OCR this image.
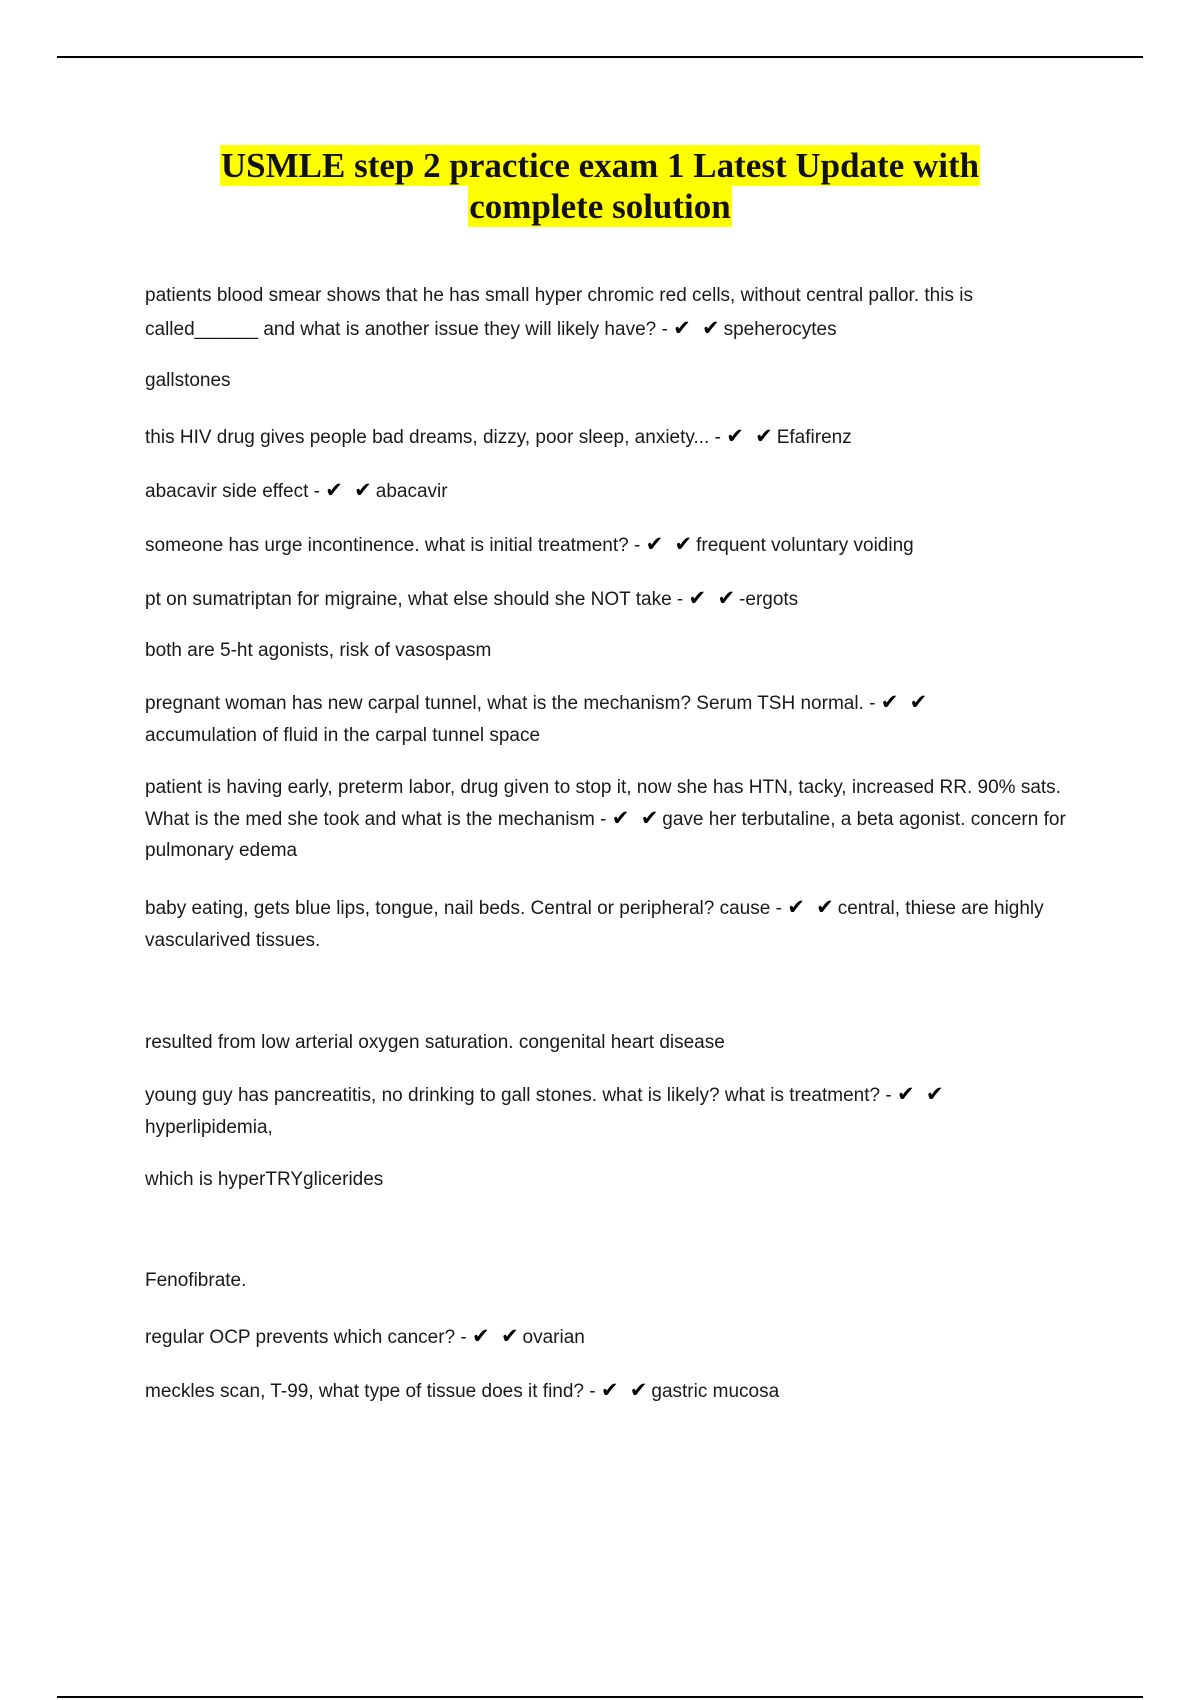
USMLE step 2 practice exam 1 Latest Update with
complete solution
patients blood smear shows that he has small hyper chromic red cells, without central pallor. this is called______ and what is another issue they will likely have? - ✔ ✔ speherocytes
gallstones
this HIV drug gives people bad dreams, dizzy, poor sleep, anxiety... - ✔ ✔ Efafirenz
abacavir side effect - ✔ ✔ abacavir
someone has urge incontinence. what is initial treatment? - ✔ ✔ frequent voluntary voiding
pt on sumatriptan for migraine, what else should she NOT take - ✔ ✔ -ergots
both are 5-ht agonists, risk of vasospasm
pregnant woman has new carpal tunnel, what is the mechanism? Serum TSH normal. - ✔ ✔accumulation of fluid in the carpal tunnel space
patient is having early, preterm labor, drug given to stop it, now she has HTN, tacky, increased RR. 90% sats. What is the med she took and what is the mechanism - ✔ ✔ gave her terbutaline, a beta agonist. concern for pulmonary edema
baby eating, gets blue lips, tongue, nail beds. Central or peripheral? cause - ✔ ✔ central, thiese are highly vascularived tissues.
resulted from low arterial oxygen saturation. congenital heart disease
young guy has pancreatitis, no drinking to gall stones. what is likely? what is treatment? - ✔ ✔hyperlipidemia,
which is hyperTRYglicerides
Fenofibrate.
regular OCP prevents which cancer? - ✔ ✔ ovarian
meckles scan, T-99, what type of tissue does it find? - ✔ ✔ gastric mucosa
